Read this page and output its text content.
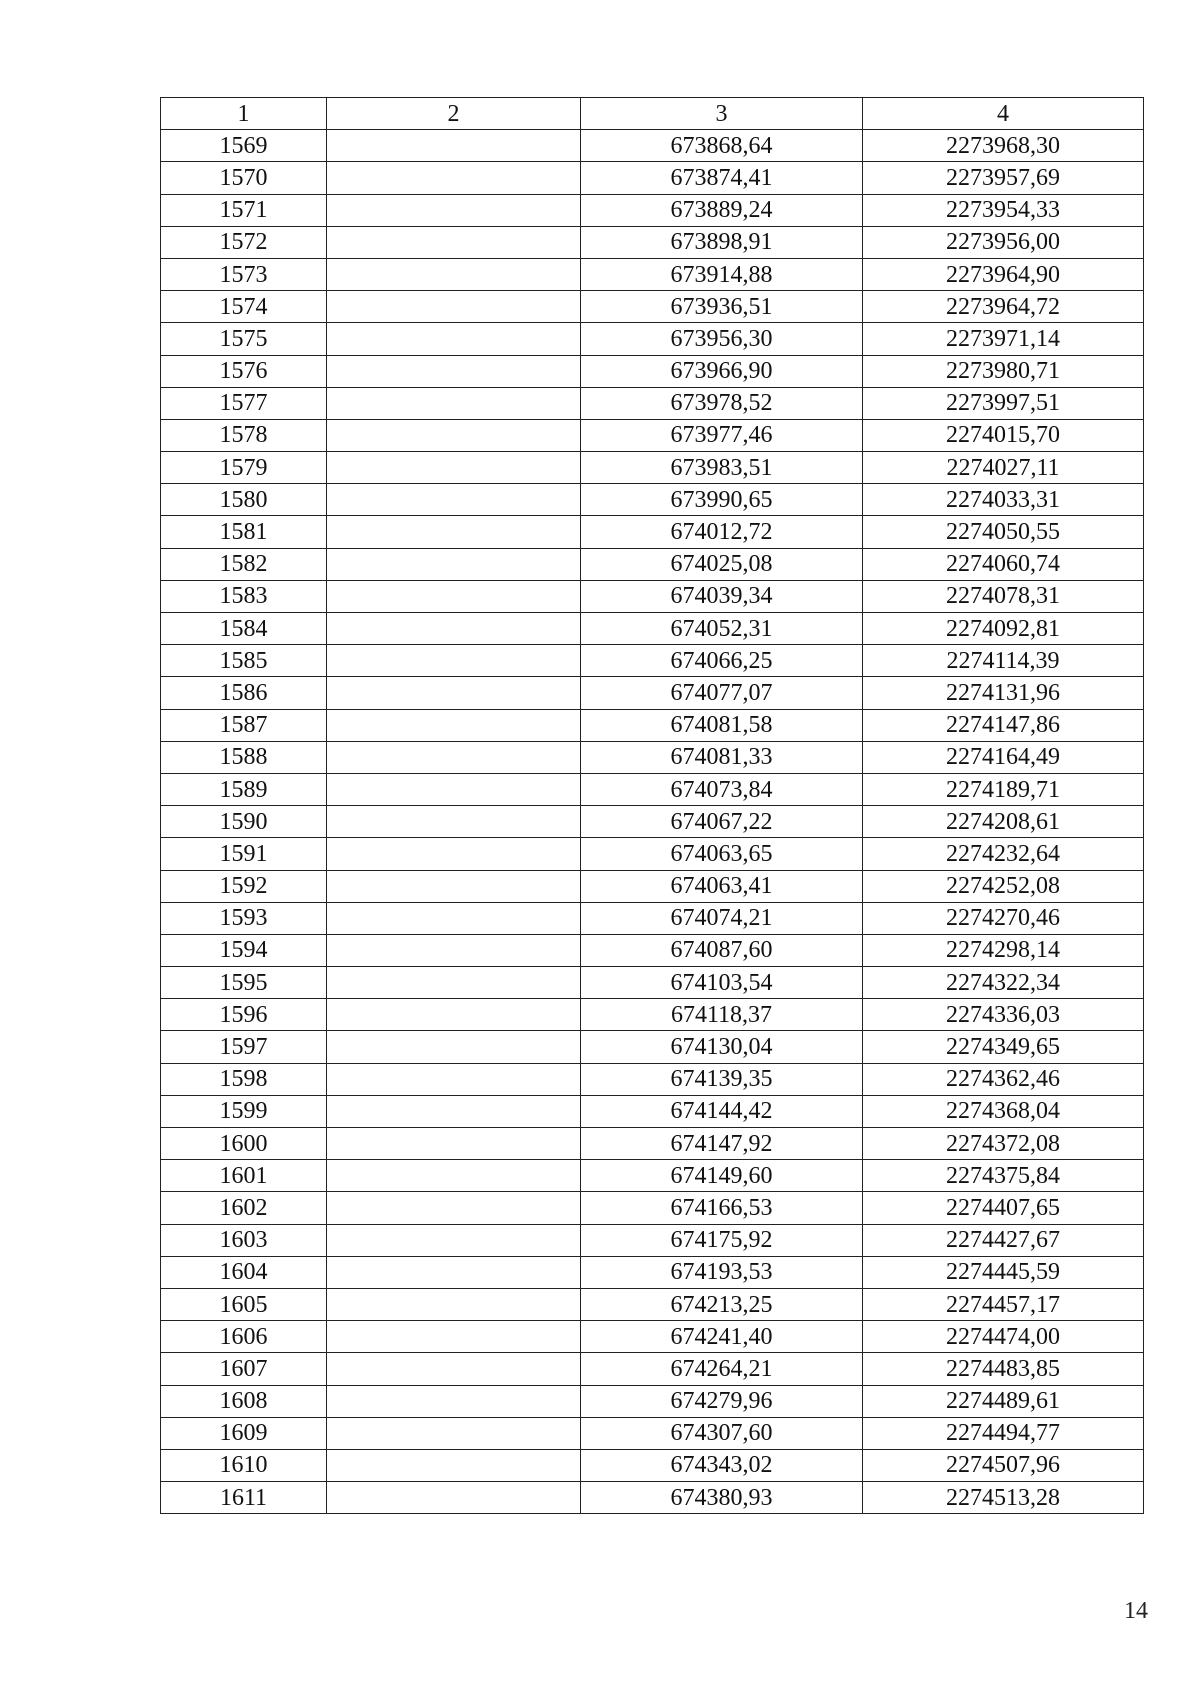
1	2	3	4
1569		673868,64	2273968,30
1570		673874,41	2273957,69
1571		673889,24	2273954,33
1572		673898,91	2273956,00
1573		673914,88	2273964,90
1574		673936,51	2273964,72
1575		673956,30	2273971,14
1576		673966,90	2273980,71
1577		673978,52	2273997,51
1578		673977,46	2274015,70
1579		673983,51	2274027,11
1580		673990,65	2274033,31
1581		674012,72	2274050,55
1582		674025,08	2274060,74
1583		674039,34	2274078,31
1584		674052,31	2274092,81
1585		674066,25	2274114,39
1586		674077,07	2274131,96
1587		674081,58	2274147,86
1588		674081,33	2274164,49
1589		674073,84	2274189,71
1590		674067,22	2274208,61
1591		674063,65	2274232,64
1592		674063,41	2274252,08
1593		674074,21	2274270,46
1594		674087,60	2274298,14
1595		674103,54	2274322,34
1596		674118,37	2274336,03
1597		674130,04	2274349,65
1598		674139,35	2274362,46
1599		674144,42	2274368,04
1600		674147,92	2274372,08
1601		674149,60	2274375,84
1602		674166,53	2274407,65
1603		674175,92	2274427,67
1604		674193,53	2274445,59
1605		674213,25	2274457,17
1606		674241,40	2274474,00
1607		674264,21	2274483,85
1608		674279,96	2274489,61
1609		674307,60	2274494,77
1610		674343,02	2274507,96
1611		674380,93	2274513,28
14
